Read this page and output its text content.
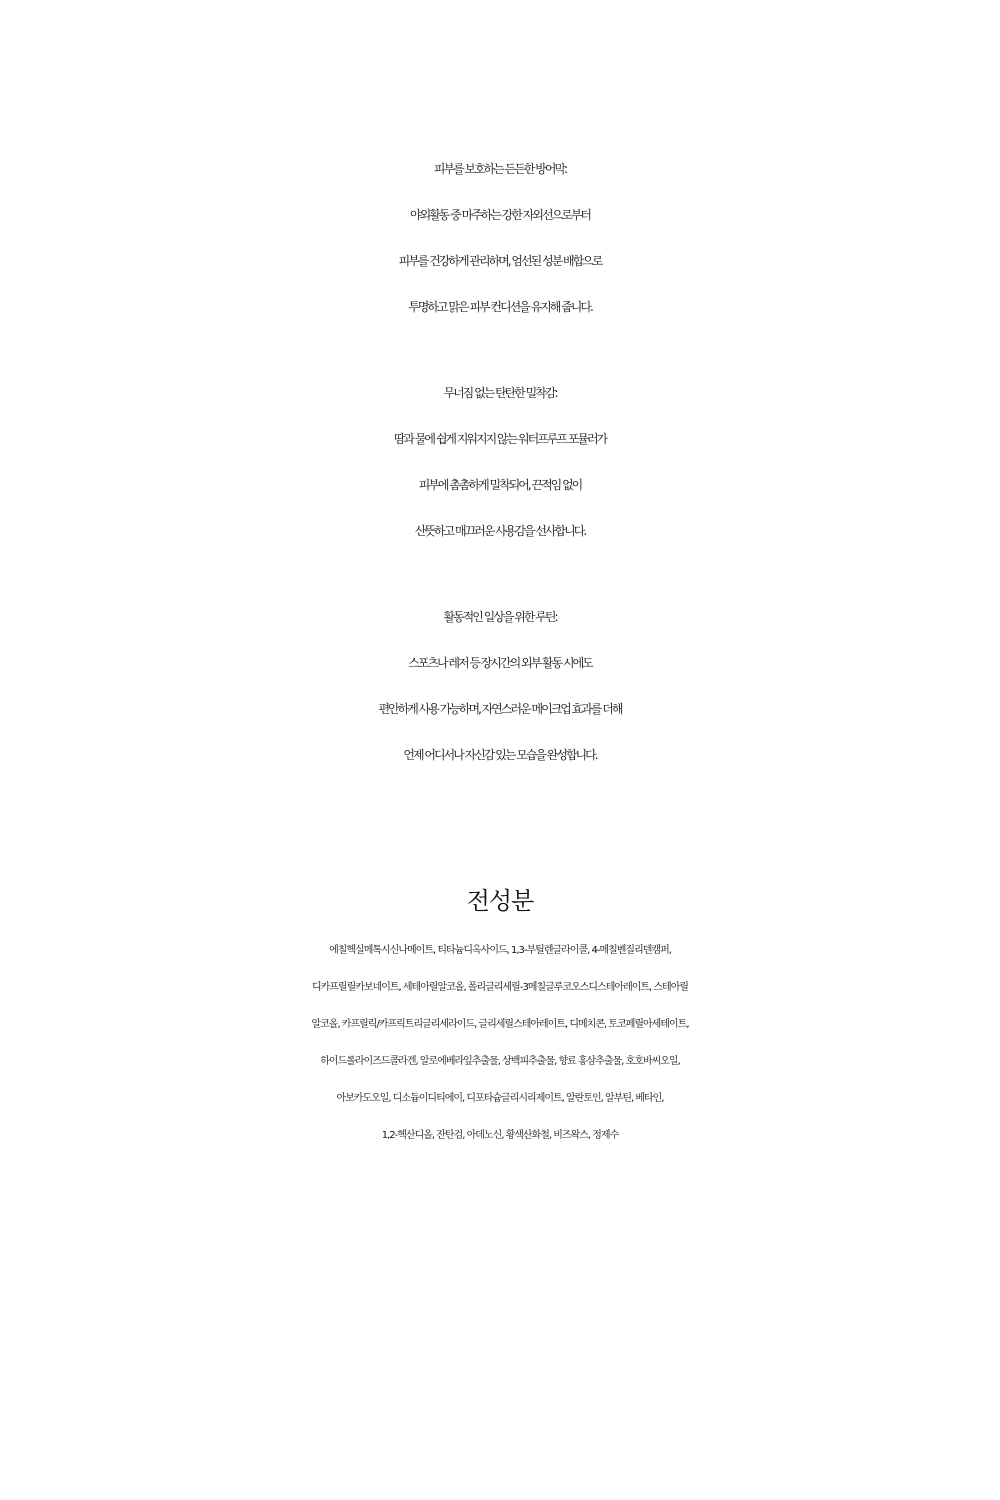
피부를 보호하는 든든한 방어막:

야외활동 중 마주하는 강한 자외선으로부터

피부를 건강하게 관리하며, 엄선된 성분 배합으로

투명하고 맑은 피부 컨디션을 유지해 줍니다.

무너짐 없는 탄탄한 밀착감:

땀과 물에 쉽게 지워지지 않는 워터프루프 포뮬러가

피부에 촘촘하게 밀착되어, 끈적임 없이

산뜻하고 매끄러운 사용감을 선사합니다.

활동적인 일상을 위한 루틴:

스포츠나 레저 등 장시간의 외부 활동 시에도

편안하게 사용 가능하며, 자연스러운 메이크업 효과를 더해

언제 어디서나 자신감 있는 모습을 완성합니다.

전성분

에칠헥실메톡시신나메이트, 티타늄디옥사이드, 1,3-부틸렌글라이콜, 4-메칠벤질리덴캠퍼,

디카프릴릴카보네이트, 세테아릴알코올, 폴리글리세릴-3메칠글루코오스디스테아레이트, 스테아릴

알코올, 카프릴릭/카프릭트리글리세라이드, 글리세릴스테아레이트, 디메치콘, 토코페릴아세테이트,

하이드롤라이즈드콜라겐, 알로에베라잎추출물, 상백피추출물, 향료 홍삼추출물, 호호바씨오일,

아보카도오일, 디소듐이디티에이, 디포타슘글리시리제이트, 알란토인, 알부틴, 베타인,

1,2-헥산디올, 잔탄검, 아데노신, 황색산화철, 비즈왁스, 정제수
